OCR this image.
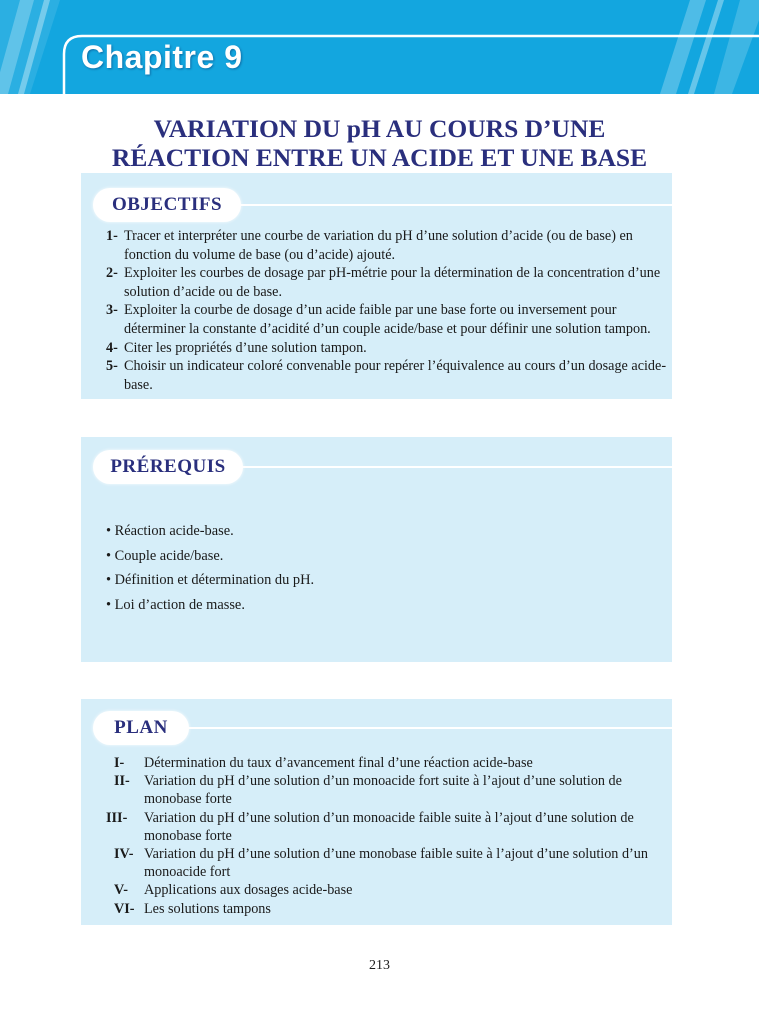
Chapitre 9
VARIATION DU pH AU COURS D’UNE
RÉACTION ENTRE UN ACIDE ET UNE BASE
OBJECTIFS
1- Tracer et interpréter une courbe de variation du pH d’une solution d’acide (ou de base) en fonction du volume de base (ou d’acide) ajouté.
2- Exploiter les courbes de dosage par pH-métrie pour la détermination de la concentration d’une solution d’acide ou de base.
3- Exploiter la courbe de dosage d’un acide faible par une base forte ou inversement pour déterminer la constante d’acidité d’un couple acide/base et pour définir une solution tampon.
4- Citer les propriétés d’une solution tampon.
5- Choisir un indicateur coloré convenable pour repérer l’équivalence au cours d’un dosage acide-base.
PRÉREQUIS
• Réaction acide-base.
• Couple acide/base.
• Définition et détermination du pH.
• Loi d’action de masse.
PLAN
I- Détermination du taux d’avancement final d’une réaction acide-base
II- Variation du pH d’une solution d’un monoacide fort suite à l’ajout d’une solution de monobase forte
III- Variation du pH d’une solution d’un monoacide faible suite à l’ajout d’une solution de monobase forte
IV- Variation du pH d’une solution d’une monobase faible suite à l’ajout d’une solution d’un monoacide fort
V- Applications aux dosages acide-base
VI- Les solutions tampons
213
